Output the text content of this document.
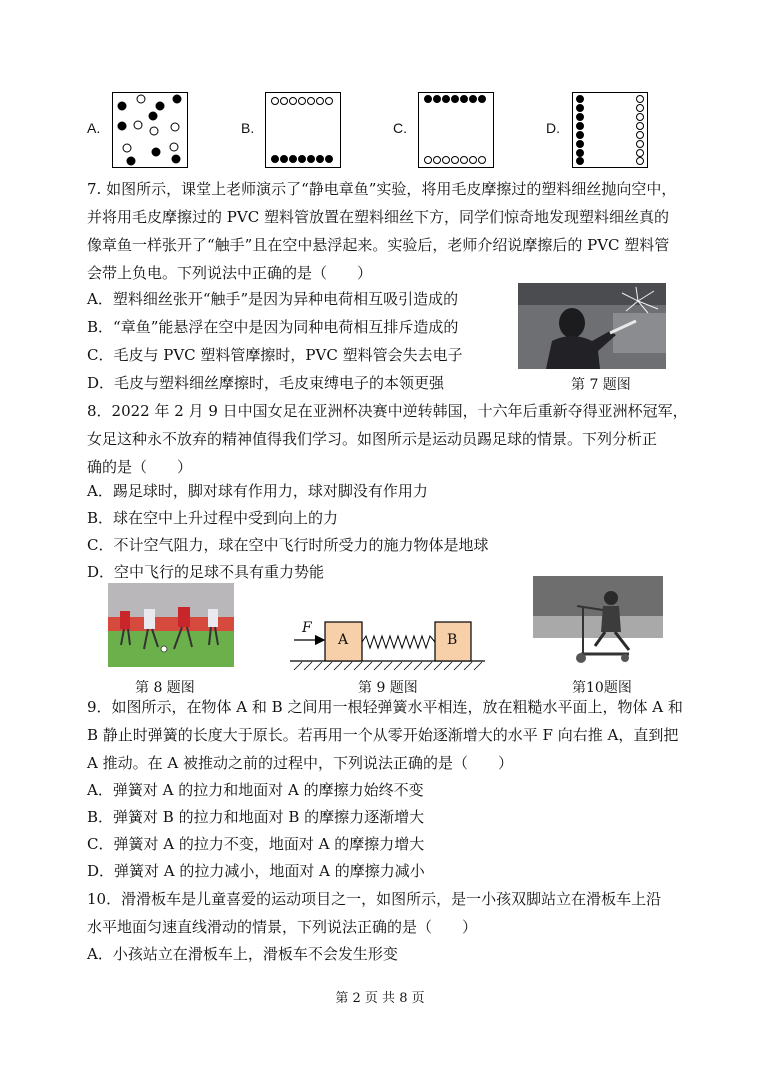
A.	B.	C.	D.
7. 如图所示，课堂上老师演示了“静电章鱼”实验，将用毛皮摩擦过的塑料细丝抛向空中，
并将用毛皮摩擦过的 PVC 塑料管放置在塑料细丝下方，同学们惊奇地发现塑料细丝真的
像章鱼一样张开了“触手”且在空中悬浮起来。实验后，老师介绍说摩擦后的 PVC 塑料管
会带上负电。下列说法中正确的是（　　）
A．塑料细丝张开“触手”是因为异种电荷相互吸引造成的
B．“章鱼”能悬浮在空中是因为同种电荷相互排斥造成的
C．毛皮与 PVC 塑料管摩擦时，PVC 塑料管会失去电子
D．毛皮与塑料细丝摩擦时，毛皮束缚电子的本领更强	第 7 题图
8．2022 年 2 月 9 日中国女足在亚洲杯决赛中逆转韩国，十六年后重新夺得亚洲杯冠军，
女足这种永不放弃的精神值得我们学习。如图所示是运动员踢足球的情景。下列分析正
确的是（　　）
A．踢足球时，脚对球有作用力，球对脚没有作用力
B．球在空中上升过程中受到向上的力
C．不计空气阻力，球在空中飞行时所受力的施力物体是地球
D．空中飞行的足球不具有重力势能
第 8 题图
F
A	B
第 9 题图	第10题图
9．如图所示，在物体 A 和 B 之间用一根轻弹簧水平相连，放在粗糙水平面上，物体 A 和
B 静止时弹簧的长度大于原长。若再用一个从零开始逐渐增大的水平 F 向右推 A，直到把
A 推动。在 A 被推动之前的过程中，下列说法正确的是（　　）
A．弹簧对 A 的拉力和地面对 A 的摩擦力始终不变
B．弹簧对 B 的拉力和地面对 B 的摩擦力逐渐增大
C．弹簧对 A 的拉力不变，地面对 A 的摩擦力增大
D．弹簧对 A 的拉力减小，地面对 A 的摩擦力减小
10．滑滑板车是儿童喜爱的运动项目之一，如图所示，是一小孩双脚站立在滑板车上沿
水平地面匀速直线滑动的情景，下列说法正确的是（　　）
A．小孩站立在滑板车上，滑板车不会发生形变
第 2 页 共 8 页
